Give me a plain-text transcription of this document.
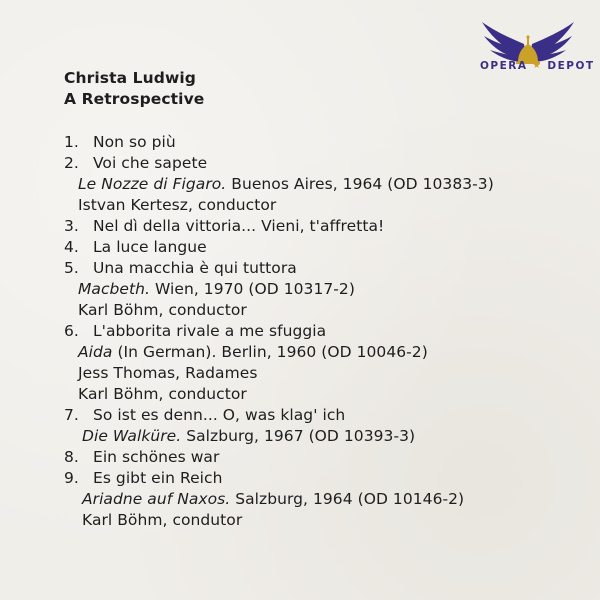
OPERA ★ DEPOT
Christa Ludwig
A Retrospective
1. Non so più
2. Voi che sapete
Le Nozze di Figaro. Buenos Aires, 1964 (OD 10383-3)
Istvan Kertesz, conductor
3. Nel dì della vittoria... Vieni, t'affretta!
4. La luce langue
5. Una macchia è qui tuttora
Macbeth. Wien, 1970 (OD 10317-2)
Karl Böhm, conductor
6. L'abborita rivale a me sfuggia
Aida (In German). Berlin, 1960 (OD 10046-2)
Jess Thomas, Radames
Karl Böhm, conductor
7. So ist es denn... O, was klag' ich
Die Walküre. Salzburg, 1967 (OD 10393-3)
8. Ein schönes war
9. Es gibt ein Reich
Ariadne auf Naxos. Salzburg, 1964 (OD 10146-2)
Karl Böhm, condutor
